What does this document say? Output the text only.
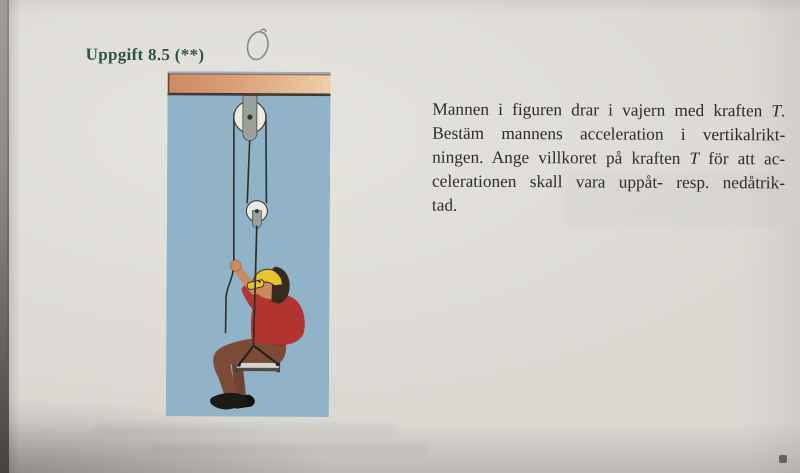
Uppgift 8.5 (**)
Mannen i figuren drar i vajern med kraften T.
Bestäm mannens acceleration i vertikalrikt-
ningen. Ange villkoret på kraften T för att ac-
celerationen skall vara uppåt- resp. nedåtrik-
tad.
